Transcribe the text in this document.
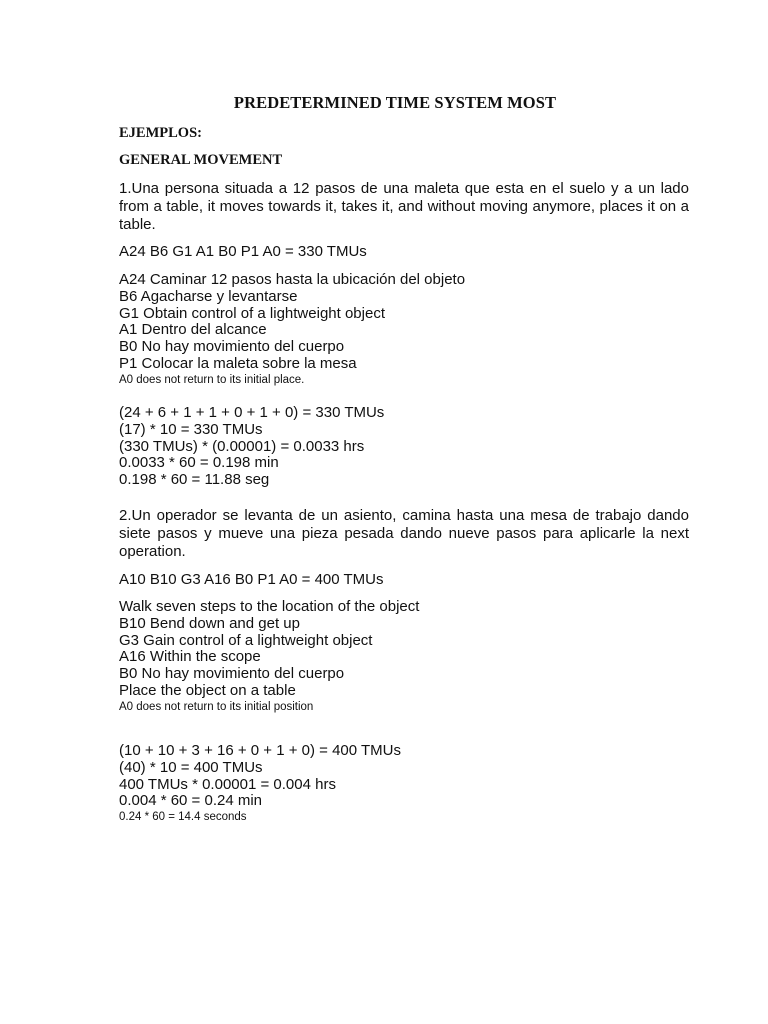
PREDETERMINED TIME SYSTEM MOST
EJEMPLOS:
GENERAL MOVEMENT
1.Una persona situada a 12 pasos de una maleta que esta en el suelo y a un lado from a table, it moves towards it, takes it, and without moving anymore, places it on a table.
A24 B6 G1 A1 B0 P1 A0 = 330 TMUs
A24 Caminar 12 pasos hasta la ubicación del objeto
B6 Agacharse y levantarse
G1 Obtain control of a lightweight object
A1 Dentro del alcance
B0 No hay movimiento del cuerpo
P1 Colocar la maleta sobre la mesa
A0 does not return to its initial place.
(24 + 6 + 1 + 1 + 0 + 1 + 0) = 330 TMUs
(17) * 10 = 330 TMUs
(330 TMUs) * (0.00001) = 0.0033 hrs
0.0033 * 60 = 0.198 min
0.198 * 60 = 11.88 seg
2.Un operador se levanta de un asiento, camina hasta una mesa de trabajo dando siete pasos y mueve una pieza pesada dando nueve pasos para aplicarle la next operation.
A10 B10 G3 A16 B0 P1 A0 = 400 TMUs
Walk seven steps to the location of the object
B10 Bend down and get up
G3 Gain control of a lightweight object
A16 Within the scope
B0 No hay movimiento del cuerpo
Place the object on a table
A0 does not return to its initial position
(10 + 10 + 3 + 16 + 0 + 1 + 0) = 400 TMUs
(40) * 10 = 400 TMUs
400 TMUs * 0.00001 = 0.004 hrs
0.004 * 60 = 0.24 min
0.24 * 60 = 14.4 seconds
